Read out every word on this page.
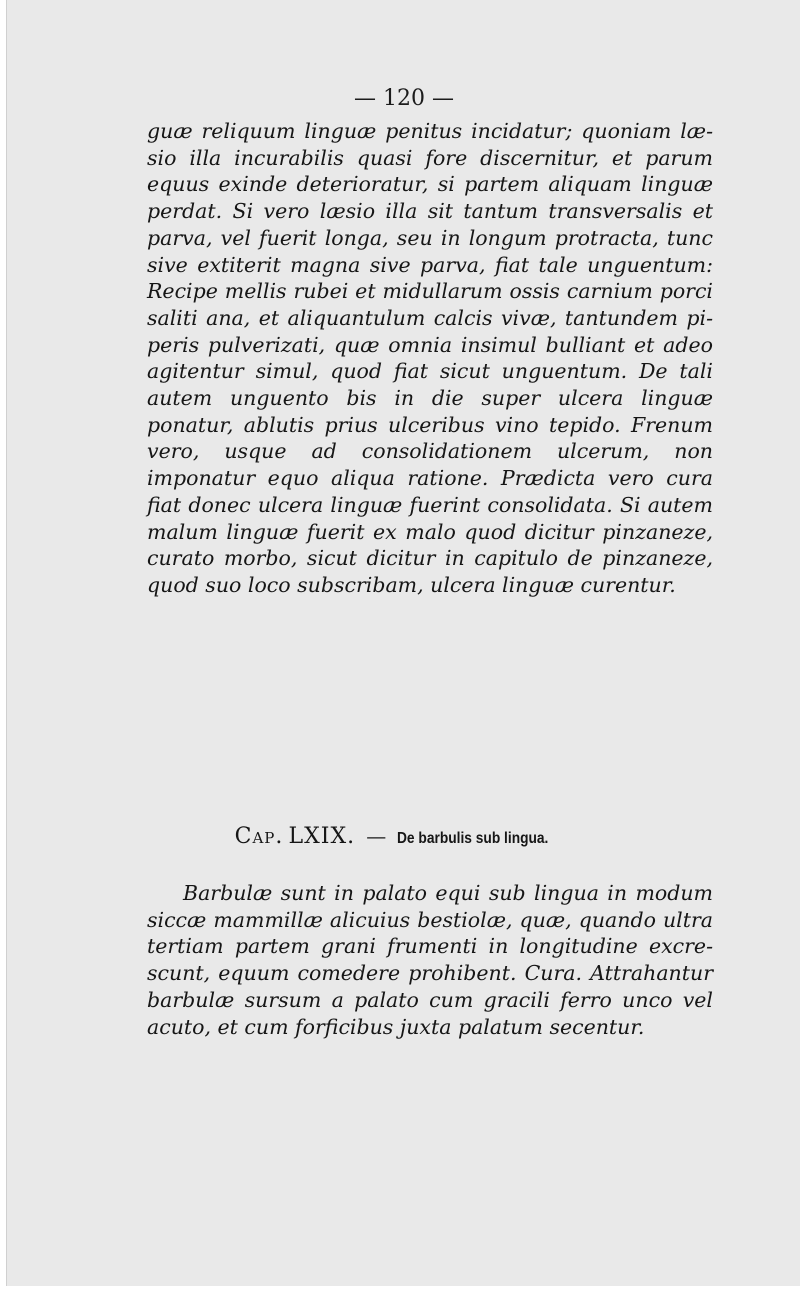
— 120 —

guæ reliquum linguæ penitus incidatur; quoniam læsio illa incurabilis quasi fore discernitur, et parum equus exinde deterioratur, si partem aliquam linguæ perdat. Si vero læsio illa sit tantum transversalis et parva, vel fuerit longa, seu in longum protracta, tunc sive extiterit magna sive parva, fiat tale unguentum: Recipe mellis rubei et midullarum ossis carnium porci saliti ana, et aliquantulum calcis vivæ, tantundem piperis pulverizati, quæ omnia insimul bulliant et adeo agitentur simul, quod fiat sicut unguentum. De tali autem unguento bis in die super ulcera linguæ ponatur, ablutis prius ulceribus vino tepido. Frenum vero, usque ad consolidationem ulcerum, non imponatur equo aliqua ratione. Prædicta vero cura fiat donec ulcera linguæ fuerint consolidata. Si autem malum linguæ fuerit ex malo quod dicitur pinzaneze, curato morbo, sicut dicitur in capitulo de pinzaneze, quod suo loco subscribam, ulcera linguæ curentur.

Cap. LXIX. — De barbulis sub lingua.

Barbulæ sunt in palato equi sub lingua in modum siccæ mammillæ alicuius bestiolæ, quæ, quando ultra tertiam partem grani frumenti in longitudine excrescunt, equum comedere prohibent. Cura. Attrahantur barbulæ sursum a palato cum gracili ferro unco vel acuto, et cum forficibus juxta palatum secentur.
